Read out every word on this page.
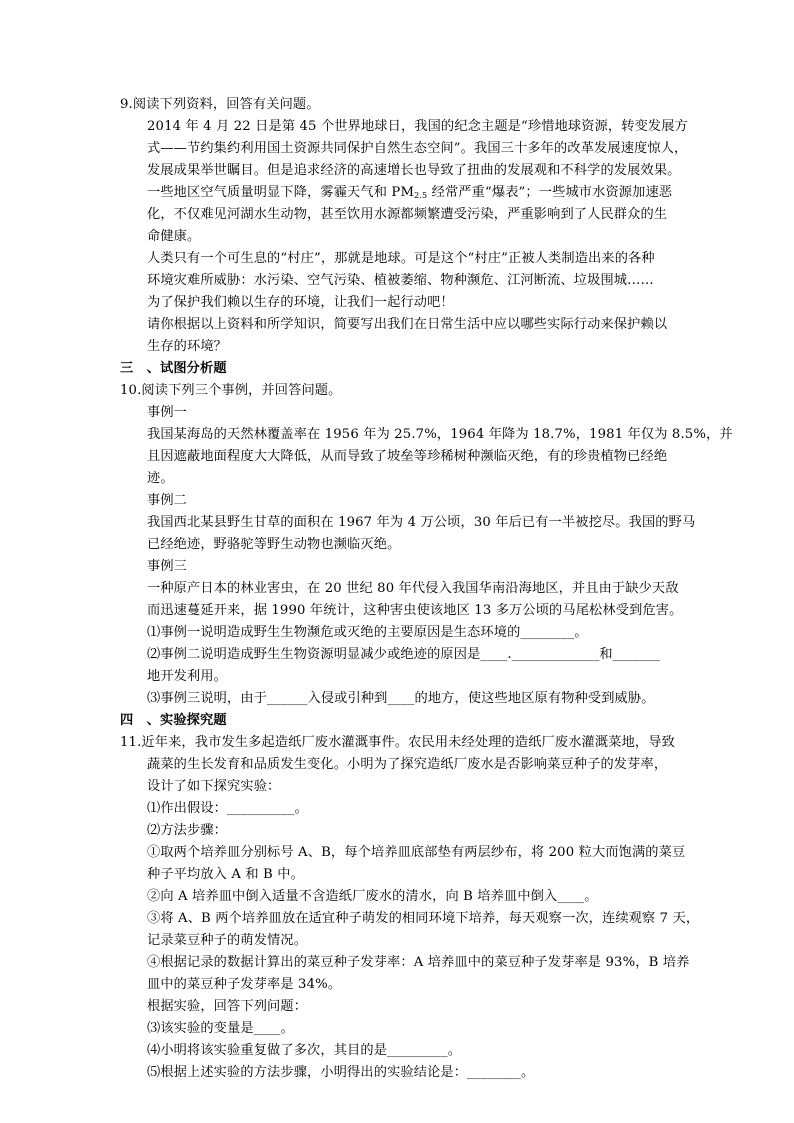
9.阅读下列资料，回答有关问题。
2014 年 4 月 22 日是第 45 个世界地球日，我国的纪念主题是“珍惜地球资源，转变发展方
式——节约集约利用国土资源共同保护自然生态空间”。我国三十多年的改革发展速度惊人，
发展成果举世瞩目。但是追求经济的高速增长也导致了扭曲的发展观和不科学的发展效果。
一些地区空气质量明显下降，雾霾天气和 $PM_{2.5}$ 经常严重“爆表”；一些城市水资源加速恶
化，不仅难见河湖水生动物，甚至饮用水源都频繁遭受污染，严重影响到了人民群众的生
命健康。
人类只有一个可生息的“村庄”，那就是地球。可是这个“村庄”正被人类制造出来的各种
环境灾难所威胁：水污染、空气污染、植被萎缩、物种濒危、江河断流、垃圾围城……
为了保护我们赖以生存的环境，让我们一起行动吧！
请你根据以上资料和所学知识，简要写出我们在日常生活中应以哪些实际行动来保护赖以
生存的环境？
三　、试图分析题
10.阅读下列三个事例，并回答问题。
事例一
我国某海岛的天然林覆盖率在 1956 年为 25.7%，1964 年降为 18.7%，1981 年仅为 8.5%，并
且因遮蔽地面程度大大降低，从而导致了坡垒等珍稀树种濒临灭绝，有的珍贵植物已经绝
迹。
事例二
我国西北某县野生甘草的面积在 1967 年为 4 万公顷，30 年后已有一半被挖尽。我国的野马
已经绝迹，野骆驼等野生动物也濒临灭绝。
事例三
一种原产日本的林业害虫，在 20 世纪 80 年代侵入我国华南沿海地区，并且由于缺少天敌
而迅速蔓延开来，据 1990 年统计，这种害虫使该地区 13 多万公顷的马尾松林受到危害。
⑴事例一说明造成野生生物濒危或灭绝的主要原因是生态环境的________。
⑵事例二说明造成野生生物资源明显减少或绝迹的原因是____._____________和_______
地开发利用。
⑶事例三说明，由于______入侵或引种到____的地方，使这些地区原有物种受到威胁。
四　、实验探究题
11.近年来，我市发生多起造纸厂废水灌溉事件。农民用未经处理的造纸厂废水灌溉菜地，导致
蔬菜的生长发育和品质发生变化。小明为了探究造纸厂废水是否影响菜豆种子的发芽率，
设计了如下探究实验：
⑴作出假设：__________。
⑵方法步骤：
①取两个培养皿分别标号 A、B，每个培养皿底部垫有两层纱布，将 200 粒大而饱满的菜豆
种子平均放入 A 和 B 中。
②向 A 培养皿中倒入适量不含造纸厂废水的清水，向 B 培养皿中倒入____。
③将 A、B 两个培养皿放在适宜种子萌发的相同环境下培养，每天观察一次，连续观察 7 天，
记录菜豆种子的萌发情况。
④根据记录的数据计算出的菜豆种子发芽率：A 培养皿中的菜豆种子发芽率是 93%，B 培养
皿中的菜豆种子发芽率是 34%。
根据实验，回答下列问题：
⑶该实验的变量是____。
⑷小明将该实验重复做了多次，其目的是_________。
⑸根据上述实验的方法步骤，小明得出的实验结论是：________。
